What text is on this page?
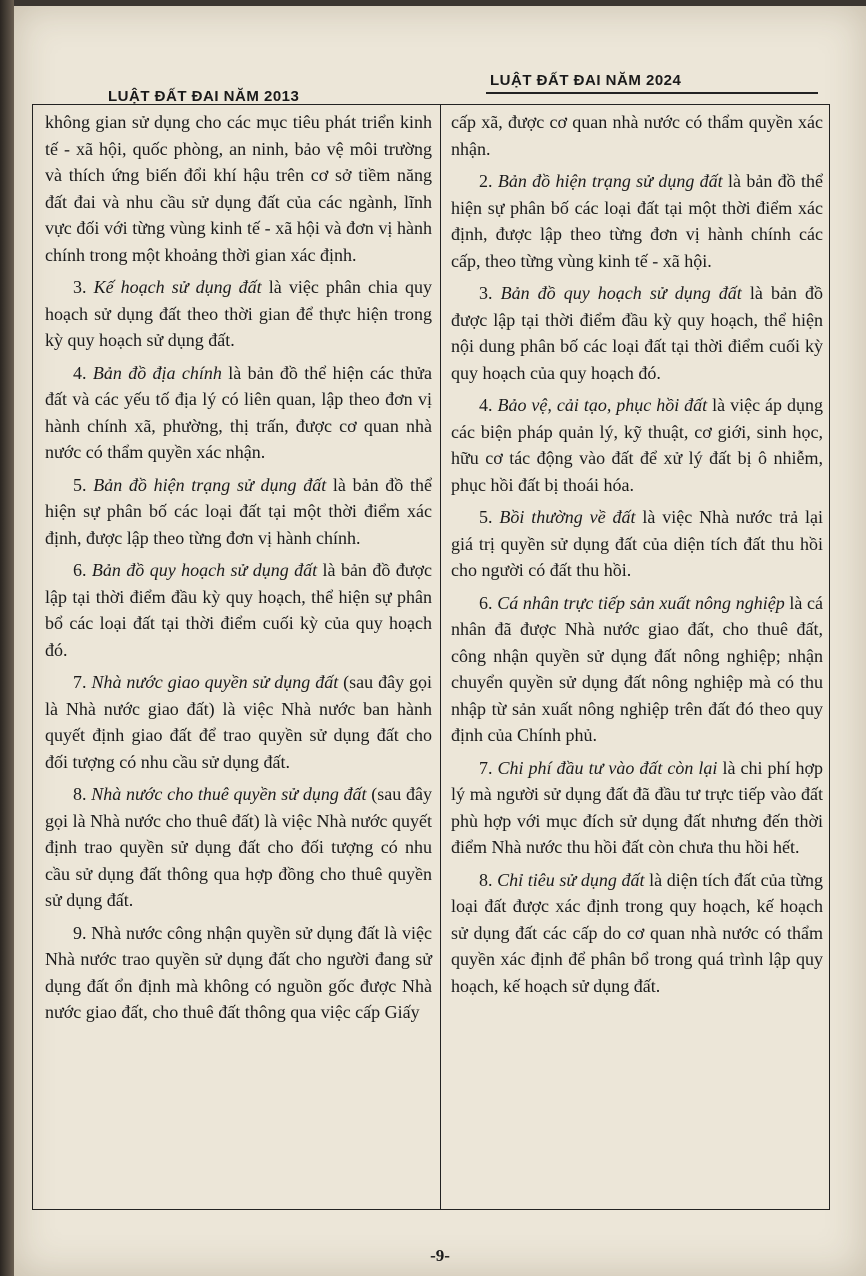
LUẬT ĐẤT ĐAI NĂM 2013
LUẬT ĐẤT ĐAI NĂM 2024

không gian sử dụng cho các mục tiêu phát triển kinh tế - xã hội, quốc phòng, an ninh, bảo vệ môi trường và thích ứng biến đổi khí hậu trên cơ sở tiềm năng đất đai và nhu cầu sử dụng đất của các ngành, lĩnh vực đối với từng vùng kinh tế - xã hội và đơn vị hành chính trong một khoảng thời gian xác định.

3. Kế hoạch sử dụng đất là việc phân chia quy hoạch sử dụng đất theo thời gian để thực hiện trong kỳ quy hoạch sử dụng đất.

4. Bản đồ địa chính là bản đồ thể hiện các thửa đất và các yếu tố địa lý có liên quan, lập theo đơn vị hành chính xã, phường, thị trấn, được cơ quan nhà nước có thẩm quyền xác nhận.

5. Bản đồ hiện trạng sử dụng đất là bản đồ thể hiện sự phân bố các loại đất tại một thời điểm xác định, được lập theo từng đơn vị hành chính.

6. Bản đồ quy hoạch sử dụng đất là bản đồ được lập tại thời điểm đầu kỳ quy hoạch, thể hiện sự phân bổ các loại đất tại thời điểm cuối kỳ của quy hoạch đó.

7. Nhà nước giao quyền sử dụng đất (sau đây gọi là Nhà nước giao đất) là việc Nhà nước ban hành quyết định giao đất để trao quyền sử dụng đất cho đối tượng có nhu cầu sử dụng đất.

8. Nhà nước cho thuê quyền sử dụng đất (sau đây gọi là Nhà nước cho thuê đất) là việc Nhà nước quyết định trao quyền sử dụng đất cho đối tượng có nhu cầu sử dụng đất thông qua hợp đồng cho thuê quyền sử dụng đất.

9. Nhà nước công nhận quyền sử dụng đất là việc Nhà nước trao quyền sử dụng đất cho người đang sử dụng đất ổn định mà không có nguồn gốc được Nhà nước giao đất, cho thuê đất thông qua việc cấp Giấy

cấp xã, được cơ quan nhà nước có thẩm quyền xác nhận.

2. Bản đồ hiện trạng sử dụng đất là bản đồ thể hiện sự phân bố các loại đất tại một thời điểm xác định, được lập theo từng đơn vị hành chính các cấp, theo từng vùng kinh tế - xã hội.

3. Bản đồ quy hoạch sử dụng đất là bản đồ được lập tại thời điểm đầu kỳ quy hoạch, thể hiện nội dung phân bố các loại đất tại thời điểm cuối kỳ quy hoạch của quy hoạch đó.

4. Bảo vệ, cải tạo, phục hồi đất là việc áp dụng các biện pháp quản lý, kỹ thuật, cơ giới, sinh học, hữu cơ tác động vào đất để xử lý đất bị ô nhiễm, phục hồi đất bị thoái hóa.

5. Bồi thường về đất là việc Nhà nước trả lại giá trị quyền sử dụng đất của diện tích đất thu hồi cho người có đất thu hồi.

6. Cá nhân trực tiếp sản xuất nông nghiệp là cá nhân đã được Nhà nước giao đất, cho thuê đất, công nhận quyền sử dụng đất nông nghiệp; nhận chuyển quyền sử dụng đất nông nghiệp mà có thu nhập từ sản xuất nông nghiệp trên đất đó theo quy định của Chính phủ.

7. Chi phí đầu tư vào đất còn lại là chi phí hợp lý mà người sử dụng đất đã đầu tư trực tiếp vào đất phù hợp với mục đích sử dụng đất nhưng đến thời điểm Nhà nước thu hồi đất còn chưa thu hồi hết.

8. Chỉ tiêu sử dụng đất là diện tích đất của từng loại đất được xác định trong quy hoạch, kế hoạch sử dụng đất các cấp do cơ quan nhà nước có thẩm quyền xác định để phân bổ trong quá trình lập quy hoạch, kế hoạch sử dụng đất.

-9-
